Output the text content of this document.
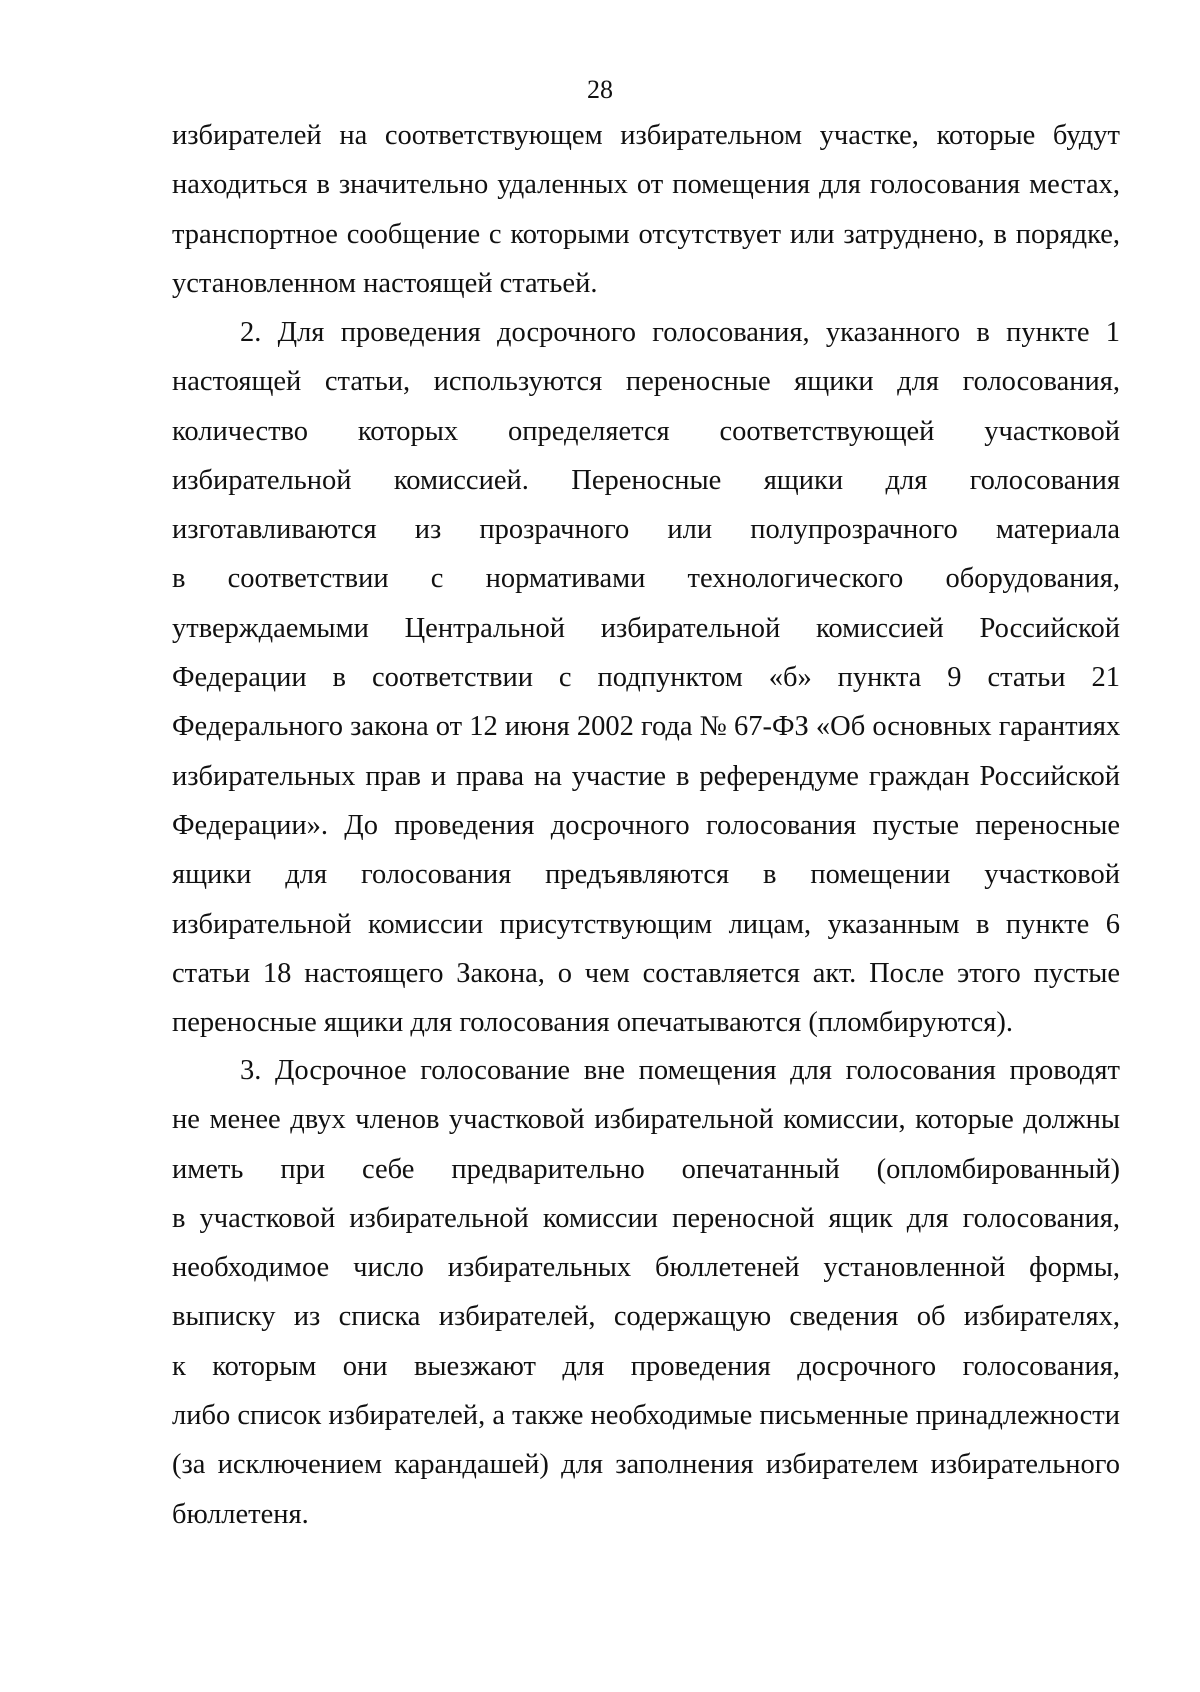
28
избирателей на соответствующем избирательном участке, которые будут
находиться в значительно удаленных от помещения для голосования местах,
транспортное сообщение с которыми отсутствует или затруднено, в порядке,
установленном настоящей статьей.
2. Для проведения досрочного голосования, указанного в пункте 1
настоящей статьи, используются переносные ящики для голосования,
количество которых определяется соответствующей участковой
избирательной комиссией. Переносные ящики для голосования
изготавливаются из прозрачного или полупрозрачного материала
в соответствии с нормативами технологического оборудования,
утверждаемыми Центральной избирательной комиссией Российской
Федерации в соответствии с подпунктом «б» пункта 9 статьи 21
Федерального закона от 12 июня 2002 года № 67-ФЗ «Об основных гарантиях
избирательных прав и права на участие в референдуме граждан Российской
Федерации». До проведения досрочного голосования пустые переносные
ящики для голосования предъявляются в помещении участковой
избирательной комиссии присутствующим лицам, указанным в пункте 6
статьи 18 настоящего Закона, о чем составляется акт. После этого пустые
переносные ящики для голосования опечатываются (пломбируются).
3. Досрочное голосование вне помещения для голосования проводят
не менее двух членов участковой избирательной комиссии, которые должны
иметь при себе предварительно опечатанный (опломбированный)
в участковой избирательной комиссии переносной ящик для голосования,
необходимое число избирательных бюллетеней установленной формы,
выписку из списка избирателей, содержащую сведения об избирателях,
к которым они выезжают для проведения досрочного голосования,
либо список избирателей, а также необходимые письменные принадлежности
(за исключением карандашей) для заполнения избирателем избирательного
бюллетеня.
